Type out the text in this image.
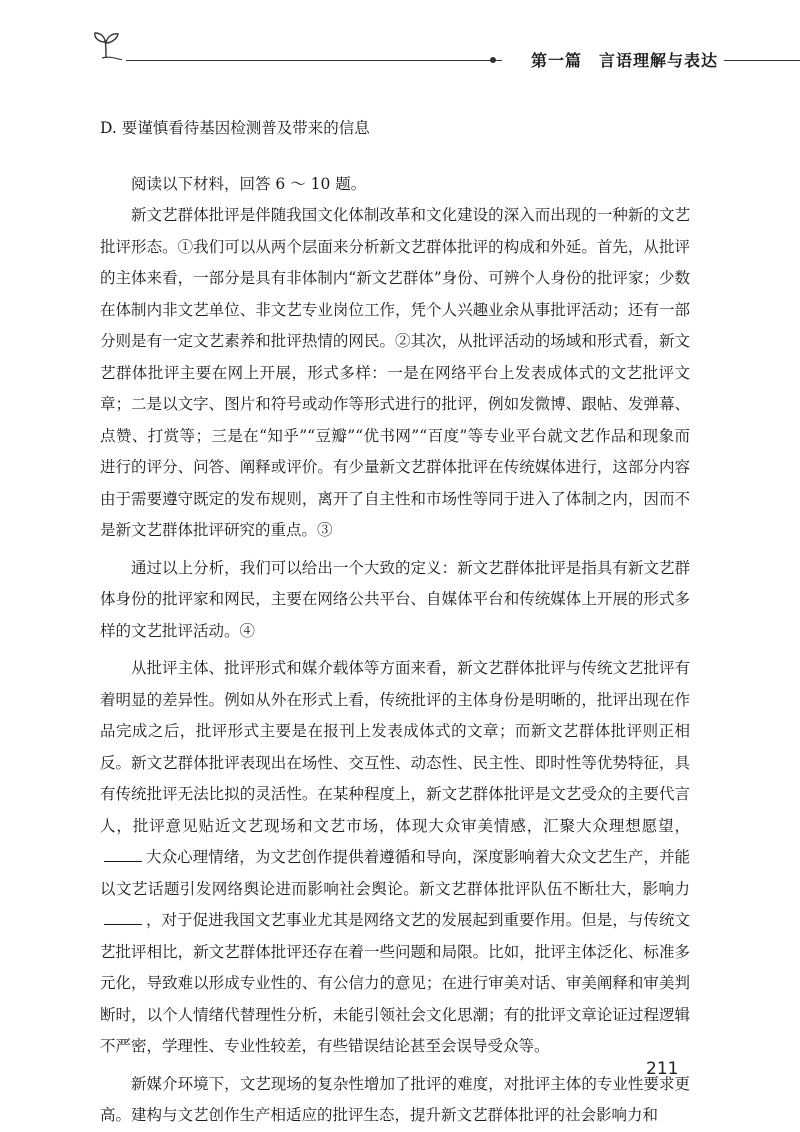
第一篇　言语理解与表达
D. 要谨慎看待基因检测普及带来的信息

阅读以下材料，回答 6 ～ 10 题。

新文艺群体批评是伴随我国文化体制改革和文化建设的深入而出现的一种新的文艺批评形态。①我们可以从两个层面来分析新文艺群体批评的构成和外延。首先，从批评的主体来看，一部分是具有非体制内“新文艺群体”身份、可辨个人身份的批评家；少数在体制内非文艺单位、非文艺专业岗位工作，凭个人兴趣业余从事批评活动；还有一部分则是有一定文艺素养和批评热情的网民。②其次，从批评活动的场域和形式看，新文艺群体批评主要在网上开展，形式多样：一是在网络平台上发表成体式的文艺批评文章；二是以文字、图片和符号或动作等形式进行的批评，例如发微博、跟帖、发弹幕、点赞、打赏等；三是在“知乎”“豆瓣”“优书网”“百度”等专业平台就文艺作品和现象而进行的评分、问答、阐释或评价。有少量新文艺群体批评在传统媒体进行，这部分内容由于需要遵守既定的发布规则，离开了自主性和市场性等同于进入了体制之内，因而不是新文艺群体批评研究的重点。③

通过以上分析，我们可以给出一个大致的定义：新文艺群体批评是指具有新文艺群体身份的批评家和网民，主要在网络公共平台、自媒体平台和传统媒体上开展的形式多样的文艺批评活动。④

从批评主体、批评形式和媒介载体等方面来看，新文艺群体批评与传统文艺批评有着明显的差异性。例如从外在形式上看，传统批评的主体身份是明晰的，批评出现在作品完成之后，批评形式主要是在报刊上发表成体式的文章；而新文艺群体批评则正相反。新文艺群体批评表现出在场性、交互性、动态性、民主性、即时性等优势特征，具有传统批评无法比拟的灵活性。在某种程度上，新文艺群体批评是文艺受众的主要代言人，批评意见贴近文艺现场和文艺市场，体现大众审美情感，汇聚大众理想愿望，大众心理情绪，为文艺创作提供着遵循和导向，深度影响着大众文艺生产，并能以文艺话题引发网络舆论进而影响社会舆论。新文艺群体批评队伍不断壮大，影响力，对于促进我国文艺事业尤其是网络文艺的发展起到重要作用。但是，与传统文艺批评相比，新文艺群体批评还存在着一些问题和局限。比如，批评主体泛化、标准多元化，导致难以形成专业性的、有公信力的意见；在进行审美对话、审美阐释和审美判断时，以个人情绪代替理性分析，未能引领社会文化思潮；有的批评文章论证过程逻辑不严密，学理性、专业性较差，有些错误结论甚至会误导受众等。

新媒介环境下，文艺现场的复杂性增加了批评的难度，对批评主体的专业性要求更高。建构与文艺创作生产相适应的批评生态，提升新文艺群体批评的社会影响力和

211
